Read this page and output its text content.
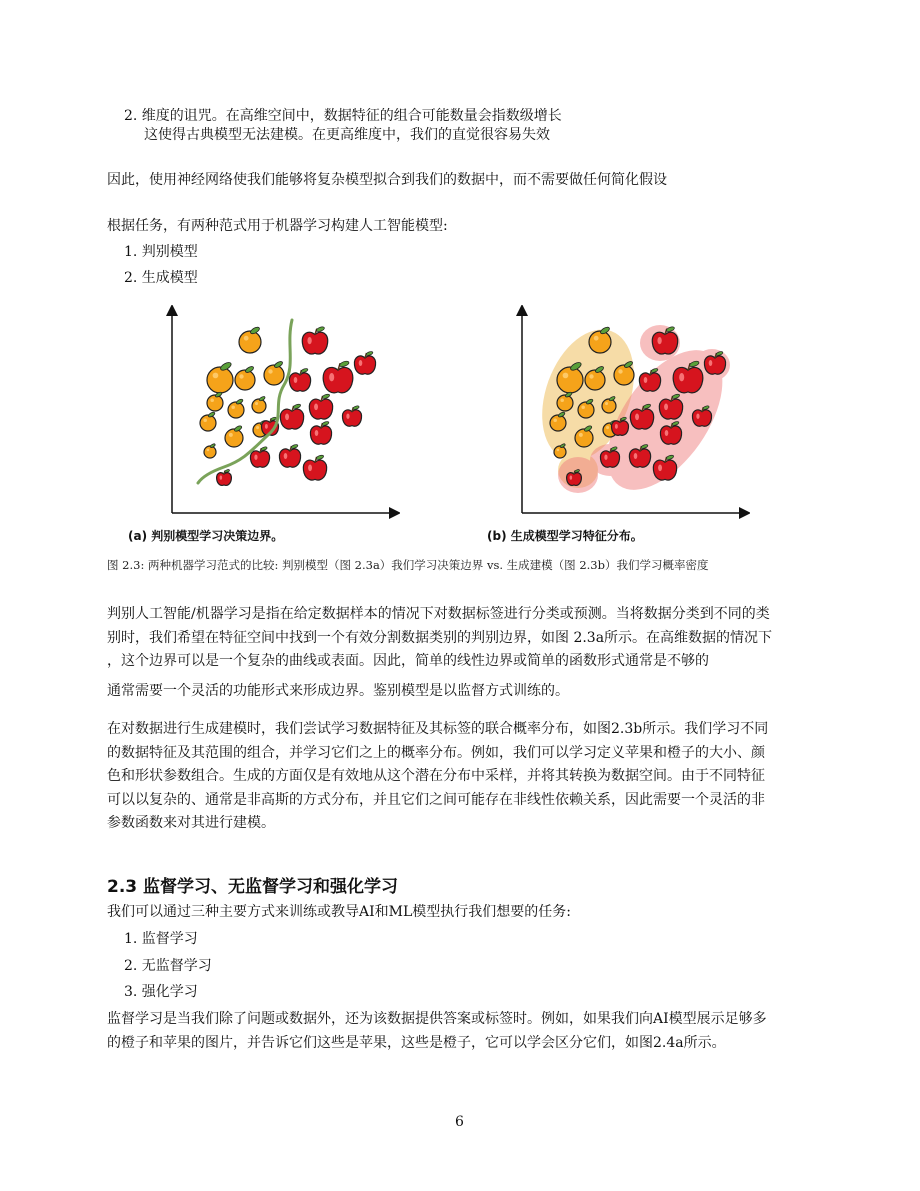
2. 维度的诅咒。在高维空间中，数据特征的组合可能数量会指数级增长
这使得古典模型无法建模。在更高维度中，我们的直觉很容易失效
因此，使用神经网络使我们能够将复杂模型拟合到我们的数据中，而不需要做任何简化假设
根据任务，有两种范式用于机器学习构建人工智能模型:
1. 判别模型
2. 生成模型
(a) 判别模型学习决策边界。	(b) 生成模型学习特征分布。
图 2.3: 两种机器学习范式的比较: 判别模型（图 2.3a）我们学习决策边界 vs. 生成建模（图 2.3b）我们学习概率密度

判别人工智能/机器学习是指在给定数据样本的情况下对数据标签进行分类或预测。当将数据分类到不同的类

别时，我们希望在特征空间中找到一个有效分割数据类别的判别边界，如图 2.3a所示。在高维数据的情况下

，这个边界可以是一个复杂的曲线或表面。因此，简单的线性边界或简单的函数形式通常是不够的

通常需要一个灵活的功能形式来形成边界。鉴别模型是以监督方式训练的。

在对数据进行生成建模时，我们尝试学习数据特征及其标签的联合概率分布，如图2.3b所示。我们学习不同

的数据特征及其范围的组合，并学习它们之上的概率分布。例如，我们可以学习定义苹果和橙子的大小、颜

色和形状参数组合。生成的方面仅是有效地从这个潜在分布中采样，并将其转换为数据空间。由于不同特征

可以以复杂的、通常是非高斯的方式分布，并且它们之间可能存在非线性依赖关系，因此需要一个灵活的非

参数函数来对其进行建模。

2.3 监督学习、无监督学习和强化学习
我们可以通过三种主要方式来训练或教导AI和ML模型执行我们想要的任务:
1. 监督学习
2. 无监督学习
3. 强化学习

监督学习是当我们除了问题或数据外，还为该数据提供答案或标签时。例如，如果我们向AI模型展示足够多

的橙子和苹果的图片，并告诉它们这些是苹果，这些是橙子，它可以学会区分它们，如图2.4a所示。

6
